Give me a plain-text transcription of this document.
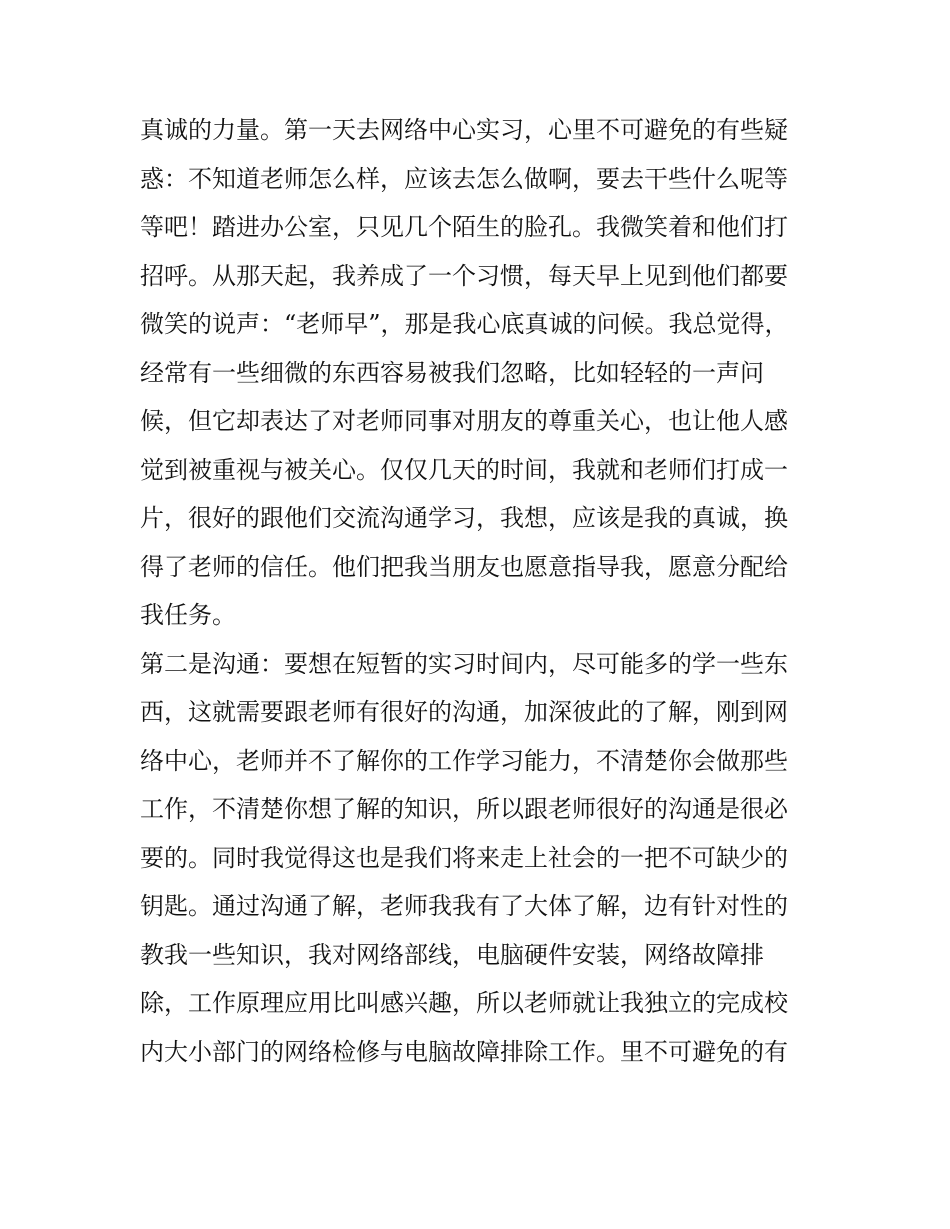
真诚的力量。第一天去网络中心实习，心里不可避免的有些疑
惑：不知道老师怎么样，应该去怎么做啊，要去干些什么呢等
等吧！踏进办公室，只见几个陌生的脸孔。我微笑着和他们打
招呼。从那天起，我养成了一个习惯，每天早上见到他们都要
微笑的说声：“老师早”，那是我心底真诚的问候。我总觉得，
经常有一些细微的东西容易被我们忽略，比如轻轻的一声问
候，但它却表达了对老师同事对朋友的尊重关心，也让他人感
觉到被重视与被关心。仅仅几天的时间，我就和老师们打成一
片，很好的跟他们交流沟通学习，我想，应该是我的真诚，换
得了老师的信任。他们把我当朋友也愿意指导我，愿意分配给
我任务。
第二是沟通：要想在短暂的实习时间内，尽可能多的学一些东
西，这就需要跟老师有很好的沟通，加深彼此的了解，刚到网
络中心，老师并不了解你的工作学习能力，不清楚你会做那些
工作，不清楚你想了解的知识，所以跟老师很好的沟通是很必
要的。同时我觉得这也是我们将来走上社会的一把不可缺少的
钥匙。通过沟通了解，老师我我有了大体了解，边有针对性的
教我一些知识，我对网络部线，电脑硬件安装，网络故障排
除，工作原理应用比叫感兴趣，所以老师就让我独立的完成校
内大小部门的网络检修与电脑故障排除工作。里不可避免的有
